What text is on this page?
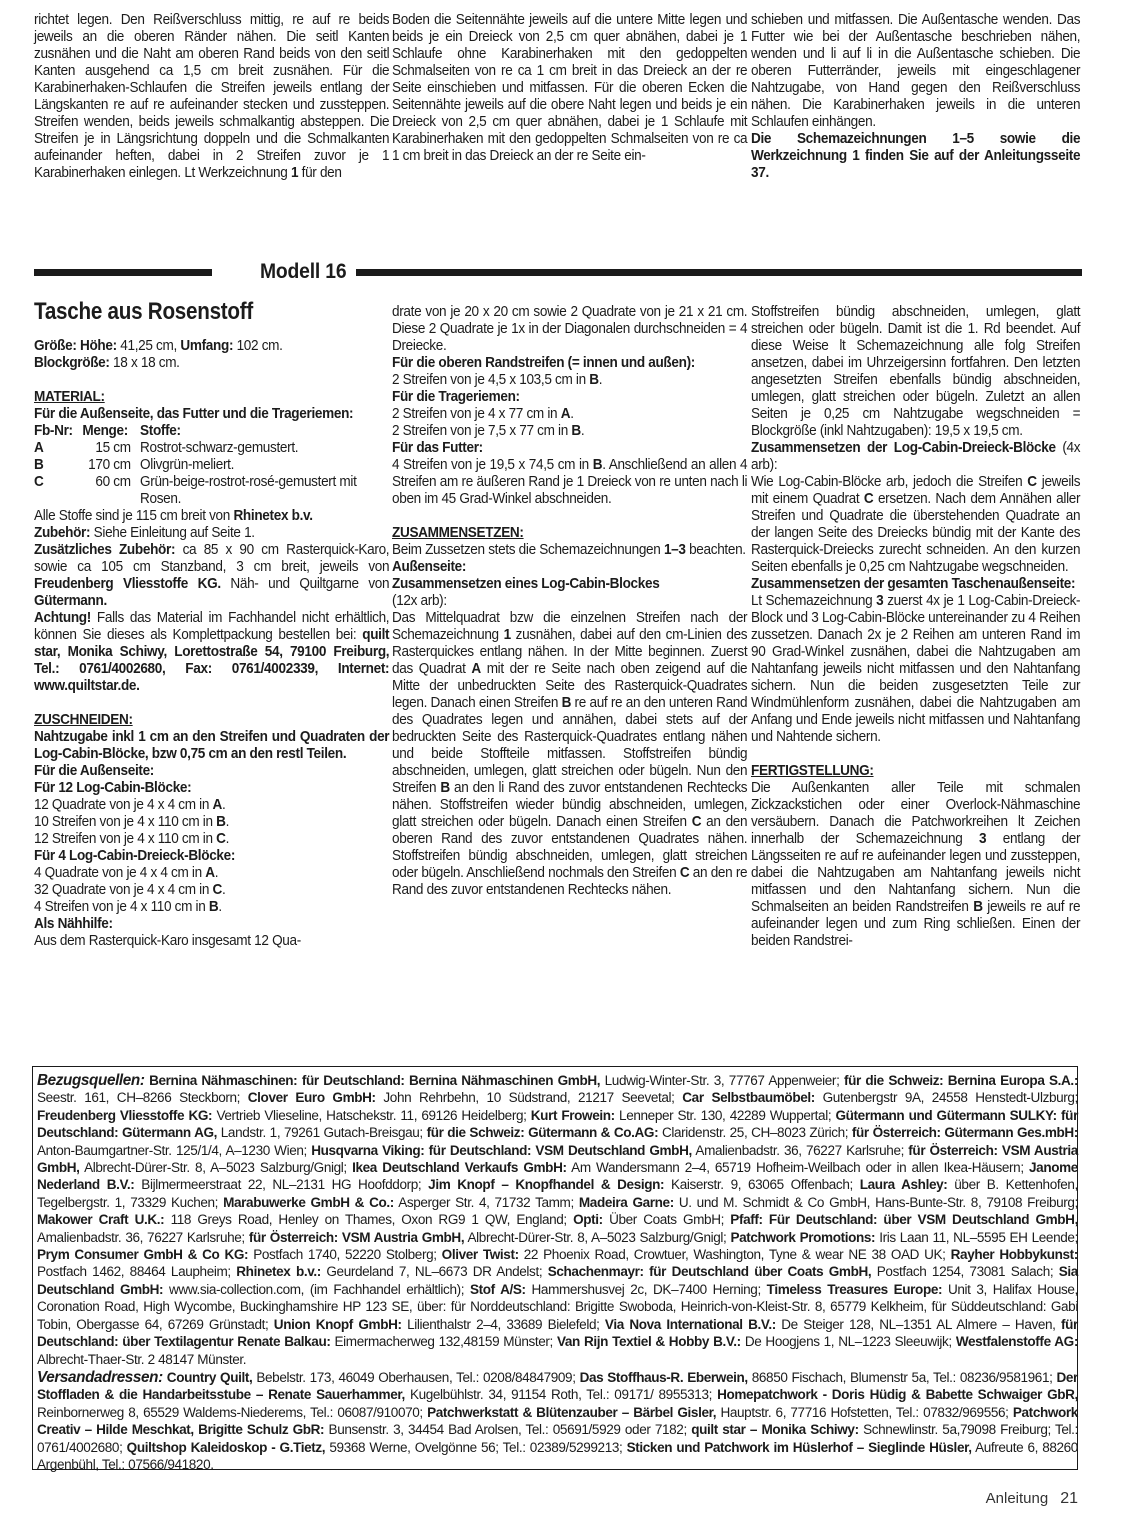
richtet legen. Den Reißverschluss mittig, re auf re beids jeweils an die oberen Ränder nähen. Die seitl Kanten zusnähen und die Naht am oberen Rand beids von den seitl Kanten ausgehend ca 1,5 cm breit zusnähen. Für die Karabinerhaken-Schlaufen die Streifen jeweils entlang der Längskanten re auf re aufeinander stecken und zussteppen. Streifen wenden, beids jeweils schmalkantig absteppen. Die Streifen je in Längsrichtung doppeln und die Schmalkanten aufeinander heften, dabei in 2 Streifen zuvor je 1 Karabinerhaken einlegen. Lt Werkzeichnung 1 für den

Boden die Seitennähte jeweils auf die untere Mitte legen und beids je ein Dreieck von 2,5 cm quer abnähen, dabei je 1 Schlaufe ohne Karabinerhaken mit den gedoppelten Schmalseiten von re ca 1 cm breit in das Dreieck an der re Seite einschieben und mitfassen. Für die oberen Ecken die Seitennähte jeweils auf die obere Naht legen und beids je ein Dreieck von 2,5 cm quer abnähen, dabei je 1 Schlaufe mit Karabinerhaken mit den gedoppelten Schmalseiten von re ca 1 cm breit in das Dreieck an der re Seite ein-

schieben und mitfassen. Die Außentasche wenden. Das Futter wie bei der Außentasche beschrieben nähen, wenden und li auf li in die Außentasche schieben. Die oberen Futterränder, jeweils mit eingeschlagener Nahtzugabe, von Hand gegen den Reißverschluss nähen. Die Karabinerhaken jeweils in die unteren Schlaufen einhängen.

Die Schemazeichnungen 1–5 sowie die Werkzeichnung 1 finden Sie auf der Anleitungsseite 37.

Modell 16
Tasche aus Rosenstoff

Größe: Höhe: 41,25 cm, Umfang: 102 cm.

Blockgröße: 18 x 18 cm.

MATERIAL:

Für die Außenseite, das Futter und die Trageriemen:

Fb-Nr: Menge: Stoffe:
A	15 cm Rostrot-schwarz-gemustert.
B	170 cm Olivgrün-meliert.
C	60 cm Grün-beige-rostrot-rosé-gemustert mit Rosen.

Alle Stoffe sind je 115 cm breit von Rhinetex b.v.

Zubehör: Siehe Einleitung auf Seite 1.

Zusätzliches Zubehör: ca 85 x 90 cm Rasterquick-Karo, sowie ca 105 cm Stanzband, 3 cm breit, jeweils von Freudenberg Vliesstoffe KG. Näh- und Quiltgarne von Gütermann.

Achtung! Falls das Material im Fachhandel nicht erhältlich, können Sie dieses als Komplettpackung bestellen bei: quilt star, Monika Schiwy, Lorettostraße 54, 79100 Freiburg, Tel.: 0761/4002680, Fax: 0761/4002339, Internet: www.quiltstar.de.

ZUSCHNEIDEN:

Nahtzugabe inkl 1 cm an den Streifen und Quadraten der Log-Cabin-Blöcke, bzw 0,75 cm an den restl Teilen.

Für die Außenseite:

Für 12 Log-Cabin-Blöcke:

12 Quadrate von je 4 x 4 cm in A.

10 Streifen von je 4 x 110 cm in B.

12 Streifen von je 4 x 110 cm in C.

Für 4 Log-Cabin-Dreieck-Blöcke:

4 Quadrate von je 4 x 4 cm in A.

32 Quadrate von je 4 x 4 cm in C.

4 Streifen von je 4 x 110 cm in B.

Als Nähhilfe:

Aus dem Rasterquick-Karo insgesamt 12 Qua-

drate von je 20 x 20 cm sowie 2 Quadrate von je 21 x 21 cm. Diese 2 Quadrate je 1x in der Diagonalen durchschneiden = 4 Dreiecke.

Für die oberen Randstreifen (= innen und außen):

2 Streifen von je 4,5 x 103,5 cm in B.

Für die Trageriemen:

2 Streifen von je 4 x 77 cm in A.

2 Streifen von je 7,5 x 77 cm in B.

Für das Futter:

4 Streifen von je 19,5 x 74,5 cm in B. Anschließend an allen 4 Streifen am re äußeren Rand je 1 Dreieck von re unten nach li oben im 45 Grad-Winkel abschneiden.

ZUSAMMENSETZEN:

Beim Zussetzen stets die Schemazeichnungen 1–3 beachten.

Außenseite:

Zusammensetzen eines Log-Cabin-Blockes

(12x arb):

Das Mittelquadrat bzw die einzelnen Streifen nach der Schemazeichnung 1 zusnähen, dabei auf den cm-Linien des Rasterquickes entlang nähen. In der Mitte beginnen. Zuerst das Quadrat A mit der re Seite nach oben zeigend auf die Mitte der unbedruckten Seite des Rasterquick-Quadrates legen. Danach einen Streifen B re auf re an den unteren Rand des Quadrates legen und annähen, dabei stets auf der bedruckten Seite des Rasterquick-Quadrates entlang nähen und beide Stoffteile mitfassen. Stoffstreifen bündig abschneiden, umlegen, glatt streichen oder bügeln. Nun den Streifen B an den li Rand des zuvor entstandenen Rechtecks nähen. Stoffstreifen wieder bündig abschneiden, umlegen, glatt streichen oder bügeln. Danach einen Streifen C an den oberen Rand des zuvor entstandenen Quadrates nähen. Stoffstreifen bündig abschneiden, umlegen, glatt streichen oder bügeln. Anschließend nochmals den Streifen C an den re Rand des zuvor entstandenen Rechtecks nähen.

Stoffstreifen bündig abschneiden, umlegen, glatt streichen oder bügeln. Damit ist die 1. Rd beendet. Auf diese Weise lt Schemazeichnung alle folg Streifen ansetzen, dabei im Uhrzeigersinn fortfahren. Den letzten angesetzten Streifen ebenfalls bündig abschneiden, umlegen, glatt streichen oder bügeln. Zuletzt an allen Seiten je 0,25 cm Nahtzugabe wegschneiden = Blockgröße (inkl Nahtzugaben): 19,5 x 19,5 cm.

Zusammensetzen der Log-Cabin-Dreieck-Blöcke (4x arb):

Wie Log-Cabin-Blöcke arb, jedoch die Streifen C jeweils mit einem Quadrat C ersetzen. Nach dem Annähen aller Streifen und Quadrate die überstehenden Quadrate an der langen Seite des Dreiecks bündig mit der Kante des Rasterquick-Dreiecks zurecht schneiden. An den kurzen Seiten ebenfalls je 0,25 cm Nahtzugabe wegschneiden.

Zusammensetzen der gesamten Taschenaußenseite:

Lt Schemazeichnung 3 zuerst 4x je 1 Log-Cabin-Dreieck-Block und 3 Log-Cabin-Blöcke untereinander zu 4 Reihen zussetzen. Danach 2x je 2 Reihen am unteren Rand im 90 Grad-Winkel zusnähen, dabei die Nahtzugaben am Nahtanfang jeweils nicht mitfassen und den Nahtanfang sichern. Nun die beiden zusgesetzten Teile zur Windmühlenform zusnähen, dabei die Nahtzugaben am Anfang und Ende jeweils nicht mitfassen und Nahtanfang und Nahtende sichern.

FERTIGSTELLUNG:

Die Außenkanten aller Teile mit schmalen Zickzackstichen oder einer Overlock-Nähmaschine versäubern. Danach die Patchworkreihen lt Zeichen innerhalb der Schemazeichnung 3 entlang der Längsseiten re auf re aufeinander legen und zussteppen, dabei die Nahtzugaben am Nahtanfang jeweils nicht mitfassen und den Nahtanfang sichern. Nun die Schmalseiten an beiden Randstreifen B jeweils re auf re aufeinander legen und zum Ring schließen. Einen der beiden Randstrei-

Bezugsquellen: Bernina Nähmaschinen: für Deutschland: Bernina Nähmaschinen GmbH, Ludwig-Winter-Str. 3, 77767 Appenweier; für die Schweiz: Bernina Europa S.A.: Seestr. 161, CH–8266 Steckborn; Clover Euro GmbH: John Rehrbehn, 10 Südstrand, 21217 Seevetal; Car Selbstbaumöbel: Gutenbergstr 9A, 24558 Henstedt-Ulzburg; Freudenberg Vliesstoffe KG: Vertrieb Vlieseline, Hatschekstr. 11, 69126 Heidelberg; Kurt Frowein: Lenneper Str. 130, 42289 Wuppertal; Gütermann und Gütermann SULKY: für Deutschland: Gütermann AG, Landstr. 1, 79261 Gutach-Breisgau; für die Schweiz: Gütermann & Co.AG: Claridenstr. 25, CH–8023 Zürich; für Österreich: Gütermann Ges.mbH: Anton-Baumgartner-Str. 125/1/4, A–1230 Wien; Husqvarna Viking: für Deutschland: VSM Deutschland GmbH, Amalienbadstr. 36, 76227 Karlsruhe; für Österreich: VSM Austria GmbH, Albrecht-Dürer-Str. 8, A–5023 Salzburg/Gnigl; Ikea Deutschland Verkaufs GmbH: Am Wandersmann 2–4, 65719 Hofheim-Weilbach oder in allen Ikea-Häusern; Janome Nederland B.V.: Bijlmermeerstraat 22, NL–2131 HG Hoofddorp; Jim Knopf – Knopfhandel & Design: Kaiserstr. 9, 63065 Offenbach; Laura Ashley: über B. Kettenhofen, Tegelbergstr. 1, 73329 Kuchen; Marabuwerke GmbH & Co.: Asperger Str. 4, 71732 Tamm; Madeira Garne: U. und M. Schmidt & Co GmbH, Hans-Bunte-Str. 8, 79108 Freiburg; Makower Craft U.K.: 118 Greys Road, Henley on Thames, Oxon RG9 1 QW, England; Opti: Über Coats GmbH; Pfaff: Für Deutschland: über VSM Deutschland GmbH, Amalienbadstr. 36, 76227 Karlsruhe; für Österreich: VSM Austria GmbH, Albrecht-Dürer-Str. 8, A–5023 Salzburg/Gnigl; Patchwork Promotions: Iris Laan 11, NL–5595 EH Leende; Prym Consumer GmbH & Co KG: Postfach 1740, 52220 Stolberg; Oliver Twist: 22 Phoenix Road, Crowtuer, Washington, Tyne & wear NE 38 OAD UK; Rayher Hobbykunst: Postfach 1462, 88464 Laupheim; Rhinetex b.v.: Geurdeland 7, NL–6673 DR Andelst; Schachenmayr: für Deutschland über Coats GmbH, Postfach 1254, 73081 Salach; Sia Deutschland GmbH: www.sia-collection.com, (im Fachhandel erhältlich); Stof A/S: Hammershusvej 2c, DK–7400 Herning; Timeless Treasures Europe: Unit 3, Halifax House, Coronation Road, High Wycombe, Buckinghamshire HP 123 SE, über: für Norddeutschland: Brigitte Swoboda, Heinrich-von-Kleist-Str. 8, 65779 Kelkheim, für Süddeutschland: Gabi Tobin, Obergasse 64, 67269 Grünstadt; Union Knopf GmbH: Lilienthalstr 2–4, 33689 Bielefeld; Via Nova International B.V.: De Steiger 128, NL–1351 AL Almere – Haven, für Deutschland: über Textilagentur Renate Balkau: Eimermacherweg 132,48159 Münster; Van Rijn Textiel & Hobby B.V.: De Hoogjens 1, NL–1223 Sleeuwijk; Westfalenstoffe AG: Albrecht-Thaer-Str. 2 48147 Münster.

Versandadressen: Country Quilt, Bebelstr. 173, 46049 Oberhausen, Tel.: 0208/84847909; Das Stoffhaus-R. Eberwein, 86850 Fischach, Blumenstr 5a, Tel.: 08236/9581961; Der Stoffladen & die Handarbeitsstube – Renate Sauerhammer, Kugelbühlstr. 34, 91154 Roth, Tel.: 09171/ 8955313; Homepatchwork - Doris Hüdig & Babette Schwaiger GbR, Reinbornerweg 8, 65529 Waldems-Niederems, Tel.: 06087/910070; Patchwerkstatt & Blütenzauber – Bärbel Gisler, Hauptstr. 6, 77716 Hofstetten, Tel.: 07832/969556; Patchwork Creativ – Hilde Meschkat, Brigitte Schulz GbR: Bunsenstr. 3, 34454 Bad Arolsen, Tel.: 05691/5929 oder 7182; quilt star – Monika Schiwy: Schnewlinstr. 5a,79098 Freiburg; Tel.: 0761/4002680; Quiltshop Kaleidoskop - G.Tietz, 59368 Werne, Ovelgönne 56; Tel.: 02389/5299213; Sticken und Patchwork im Hüslerhof – Sieglinde Hüsler, Aufreute 6, 88260 Argenbühl, Tel.: 07566/941820.

Anleitung 21
